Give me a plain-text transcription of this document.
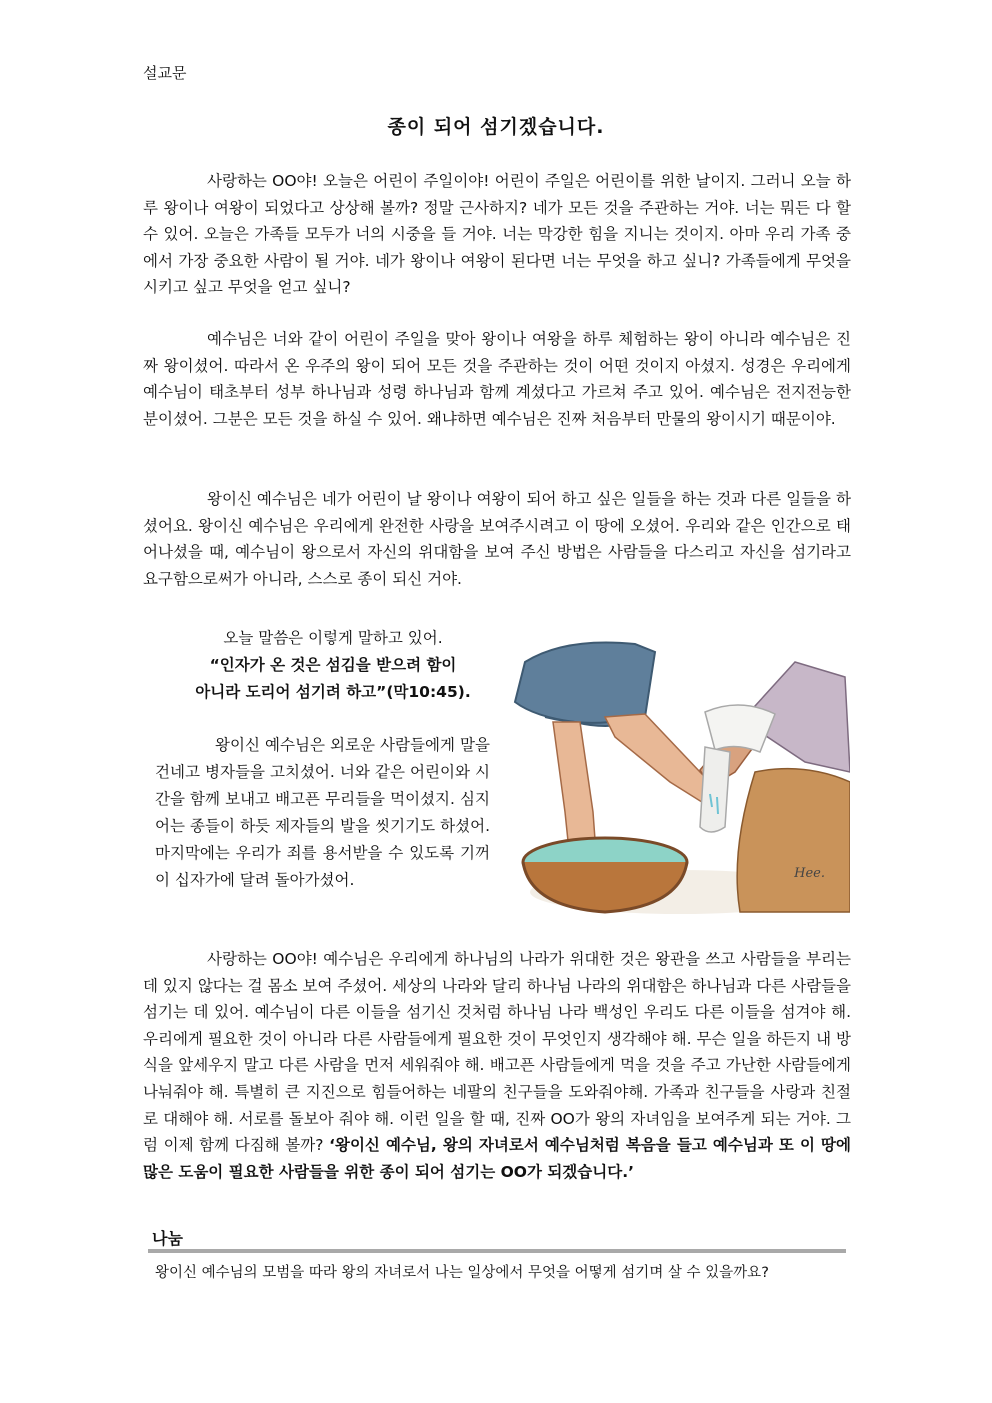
설교문
종이 되어 섬기겠습니다.

사랑하는 OO야! 오늘은 어린이 주일이야! 어린이 주일은 어린이를 위한 날이지. 그러니 오늘 하루 왕이나 여왕이 되었다고 상상해 볼까? 정말 근사하지? 네가 모든 것을 주관하는 거야. 너는 뭐든 다 할 수 있어. 오늘은 가족들 모두가 너의 시중을 들 거야. 너는 막강한 힘을 지니는 것이지. 아마 우리 가족 중에서 가장 중요한 사람이 될 거야. 네가 왕이나 여왕이 된다면 너는 무엇을 하고 싶니? 가족들에게 무엇을 시키고 싶고 무엇을 얻고 싶니?

예수님은 너와 같이 어린이 주일을 맞아 왕이나 여왕을 하루 체험하는 왕이 아니라 예수님은 진짜 왕이셨어. 따라서 온 우주의 왕이 되어 모든 것을 주관하는 것이 어떤 것이지 아셨지. 성경은 우리에게 예수님이 태초부터 성부 하나님과 성령 하나님과 함께 계셨다고 가르쳐 주고 있어. 예수님은 전지전능한 분이셨어. 그분은 모든 것을 하실 수 있어. 왜냐하면 예수님은 진짜 처음부터 만물의 왕이시기 때문이야.

왕이신 예수님은 네가 어린이 날 왕이나 여왕이 되어 하고 싶은 일들을 하는 것과 다른 일들을 하셨어요. 왕이신 예수님은 우리에게 완전한 사랑을 보여주시려고 이 땅에 오셨어. 우리와 같은 인간으로 태어나셨을 때, 예수님이 왕으로서 자신의 위대함을 보여 주신 방법은 사람들을 다스리고 자신을 섬기라고 요구함으로써가 아니라, 스스로 종이 되신 거야.

오늘 말씀은 이렇게 말하고 있어.

“인자가 온 것은 섬김을 받으려 함이
아니라 도리어 섬기려 하고”(막10:45).

왕이신 예수님은 외로운 사람들에게 말을 건네고 병자들을 고치셨어. 너와 같은 어린이와 시간을 함께 보내고 배고픈 무리들을 먹이셨지. 심지어는 종들이 하듯 제자들의 발을 씻기기도 하셨어. 마지막에는 우리가 죄를 용서받을 수 있도록 기꺼이 십자가에 달려 돌아가셨어.	Hee.

사랑하는 OO야! 예수님은 우리에게 하나님의 나라가 위대한 것은 왕관을 쓰고 사람들을 부리는 데 있지 않다는 걸 몸소 보여 주셨어. 세상의 나라와 달리 하나님 나라의 위대함은 하나님과 다른 사람들을 섬기는 데 있어. 예수님이 다른 이들을 섬기신 것처럼 하나님 나라 백성인 우리도 다른 이들을 섬겨야 해. 우리에게 필요한 것이 아니라 다른 사람들에게 필요한 것이 무엇인지 생각해야 해. 무슨 일을 하든지 내 방식을 앞세우지 말고 다른 사람을 먼저 세워줘야 해. 배고픈 사람들에게 먹을 것을 주고 가난한 사람들에게 나눠줘야 해. 특별히 큰 지진으로 힘들어하는 네팔의 친구들을 도와줘야해. 가족과 친구들을 사랑과 친절로 대해야 해. 서로를 돌보아 줘야 해. 이런 일을 할 때, 진짜 OO가 왕의 자녀임을 보여주게 되는 거야. 그럼 이제 함께 다짐해 볼까? ‘왕이신 예수님, 왕의 자녀로서 예수님처럼 복음을 들고 예수님과 또 이 땅에 많은 도움이 필요한 사람들을 위한 종이 되어 섬기는 OO가 되겠습니다.’

나눔
왕이신 예수님의 모범을 따라 왕의 자녀로서 나는 일상에서 무엇을 어떻게 섬기며 살 수 있을까요?
